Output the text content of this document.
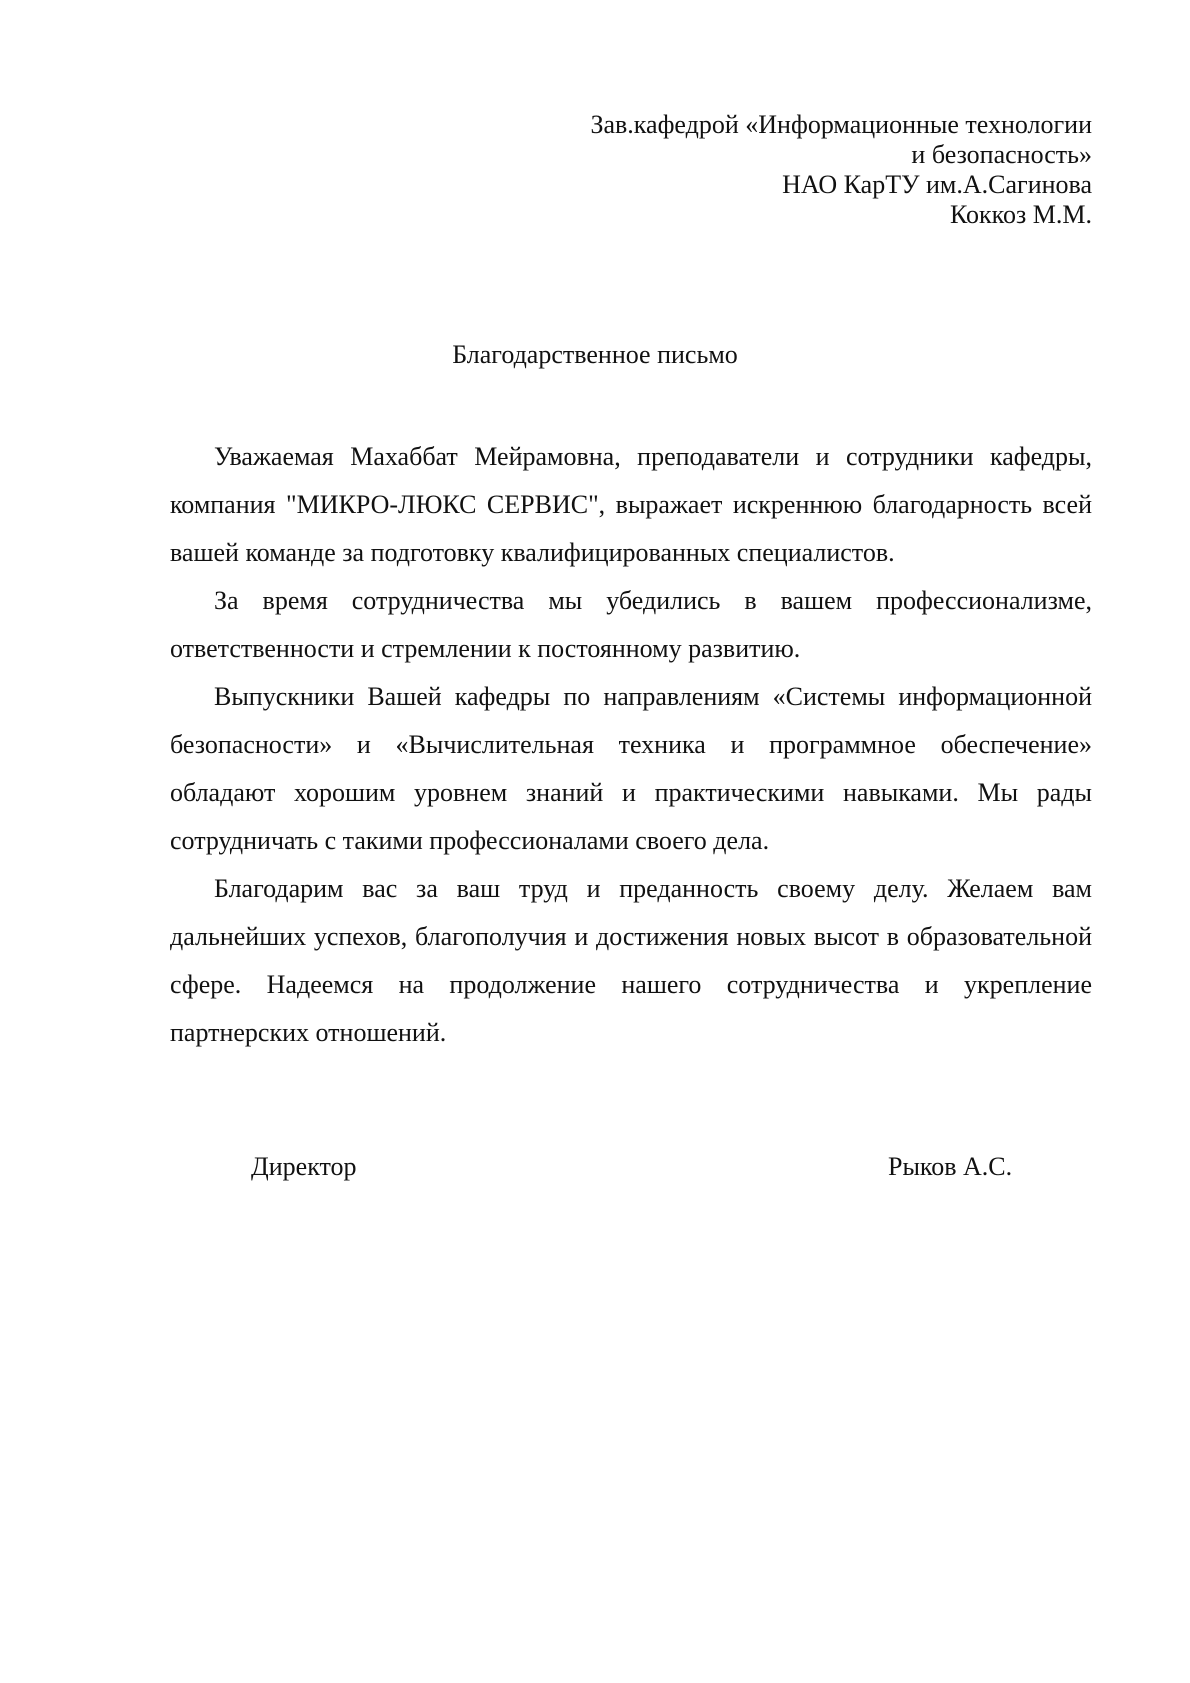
Зав.кафедрой «Информационные технологии
и безопасность»
НАО КарТУ им.А.Сагинова
Коккоз М.М.
Благодарственное письмо

Уважаемая Махаббат Мейрамовна, преподаватели и сотрудники кафедры, компания "МИКРО-ЛЮКС СЕРВИС", выражает искреннюю благодарность всей вашей команде за подготовку квалифицированных специалистов.

За время сотрудничества мы убедились в вашем профессионализме, ответственности и стремлении к постоянному развитию.

Выпускники Вашей кафедры по направлениям «Системы информационной безопасности» и «Вычислительная техника и программное обеспечение» обладают хорошим уровнем знаний и практическими навыками. Мы рады сотрудничать с такими профессионалами своего дела.

Благодарим вас за ваш труд и преданность своему делу. Желаем вам дальнейших успехов, благополучия и достижения новых высот в образовательной сфере. Надеемся на продолжение нашего сотрудничества и укрепление партнерских отношений.

Директор	Рыков А.С.
